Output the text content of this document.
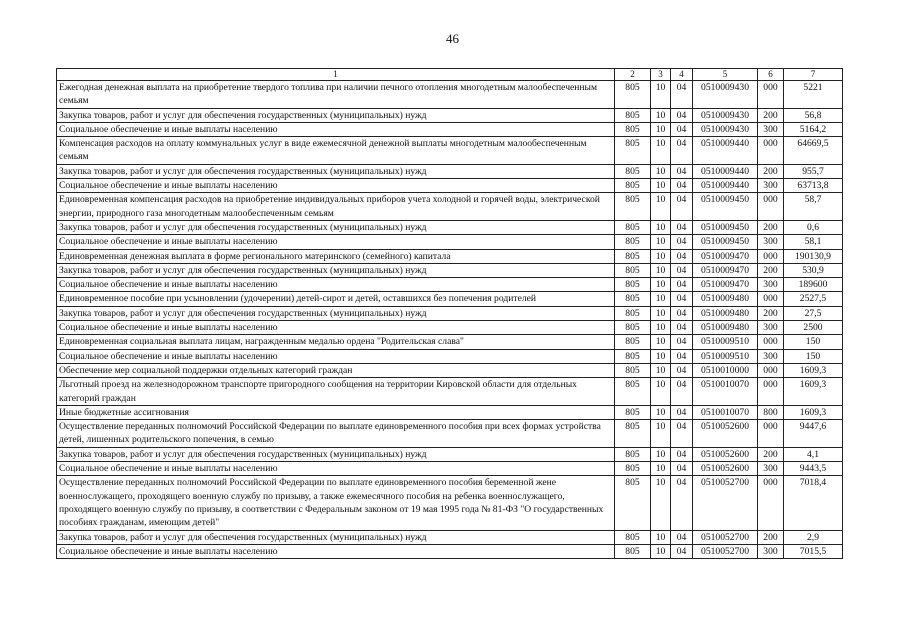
46
1	2	3	4	5	6	7
Ежегодная денежная выплата на приобретение твердого топлива при наличии печного отопления многодетным малообеспеченным семьям	805	10	04	0510009430	000	5221
Закупка товаров, работ и услуг для обеспечения государственных (муниципальных) нужд	805	10	04	0510009430	200	56,8
Социальное обеспечение и иные выплаты населению	805	10	04	0510009430	300	5164,2
Компенсация расходов на оплату коммунальных услуг в виде ежемесячной денежной выплаты многодетным малообеспеченным семьям	805	10	04	0510009440	000	64669,5
Закупка товаров, работ и услуг для обеспечения государственных (муниципальных) нужд	805	10	04	0510009440	200	955,7
Социальное обеспечение и иные выплаты населению	805	10	04	0510009440	300	63713,8
Единовременная компенсация расходов на приобретение индивидуальных приборов учета холодной и горячей воды, электрической энергии, природного газа многодетным малообеспеченным семьям	805	10	04	0510009450	000	58,7
Закупка товаров, работ и услуг для обеспечения государственных (муниципальных) нужд	805	10	04	0510009450	200	0,6
Социальное обеспечение и иные выплаты населению	805	10	04	0510009450	300	58,1
Единовременная денежная выплата в форме регионального материнского (семейного) капитала	805	10	04	0510009470	000	190130,9
Закупка товаров, работ и услуг для обеспечения государственных (муниципальных) нужд	805	10	04	0510009470	200	530,9
Социальное обеспечение и иные выплаты населению	805	10	04	0510009470	300	189600
Единовременное пособие при усыновлении (удочерении) детей-сирот и детей, оставшихся без попечения родителей	805	10	04	0510009480	000	2527,5
Закупка товаров, работ и услуг для обеспечения государственных (муниципальных) нужд	805	10	04	0510009480	200	27,5
Социальное обеспечение и иные выплаты населению	805	10	04	0510009480	300	2500
Единовременная социальная выплата лицам, награжденным медалью ордена "Родительская слава"	805	10	04	0510009510	000	150
Социальное обеспечение и иные выплаты населению	805	10	04	0510009510	300	150
Обеспечение мер социальной поддержки отдельных категорий граждан	805	10	04	0510010000	000	1609,3
Льготный проезд на железнодорожном транспорте пригородного сообщения на территории Кировской области для отдельных категорий граждан	805	10	04	0510010070	000	1609,3
Иные бюджетные ассигнования	805	10	04	0510010070	800	1609,3
Осуществление переданных полномочий Российской Федерации по выплате единовременного пособия при всех формах устройства детей, лишенных родительского попечения, в семью	805	10	04	0510052600	000	9447,6
Закупка товаров, работ и услуг для обеспечения государственных (муниципальных) нужд	805	10	04	0510052600	200	4,1
Социальное обеспечение и иные выплаты населению	805	10	04	0510052600	300	9443,5
Осуществление переданных полномочий Российской Федерации по выплате единовременного пособия беременной жене военнослужащего, проходящего военную службу по призыву, а также ежемесячного пособия на ребенка военнослужащего, проходящего военную службу по призыву, в соответствии с Федеральным законом от 19 мая 1995 года № 81-ФЗ "О государственных пособиях гражданам, имеющим детей"	805	10	04	0510052700	000	7018,4
Закупка товаров, работ и услуг для обеспечения государственных (муниципальных) нужд	805	10	04	0510052700	200	2,9
Социальное обеспечение и иные выплаты населению	805	10	04	0510052700	300	7015,5
